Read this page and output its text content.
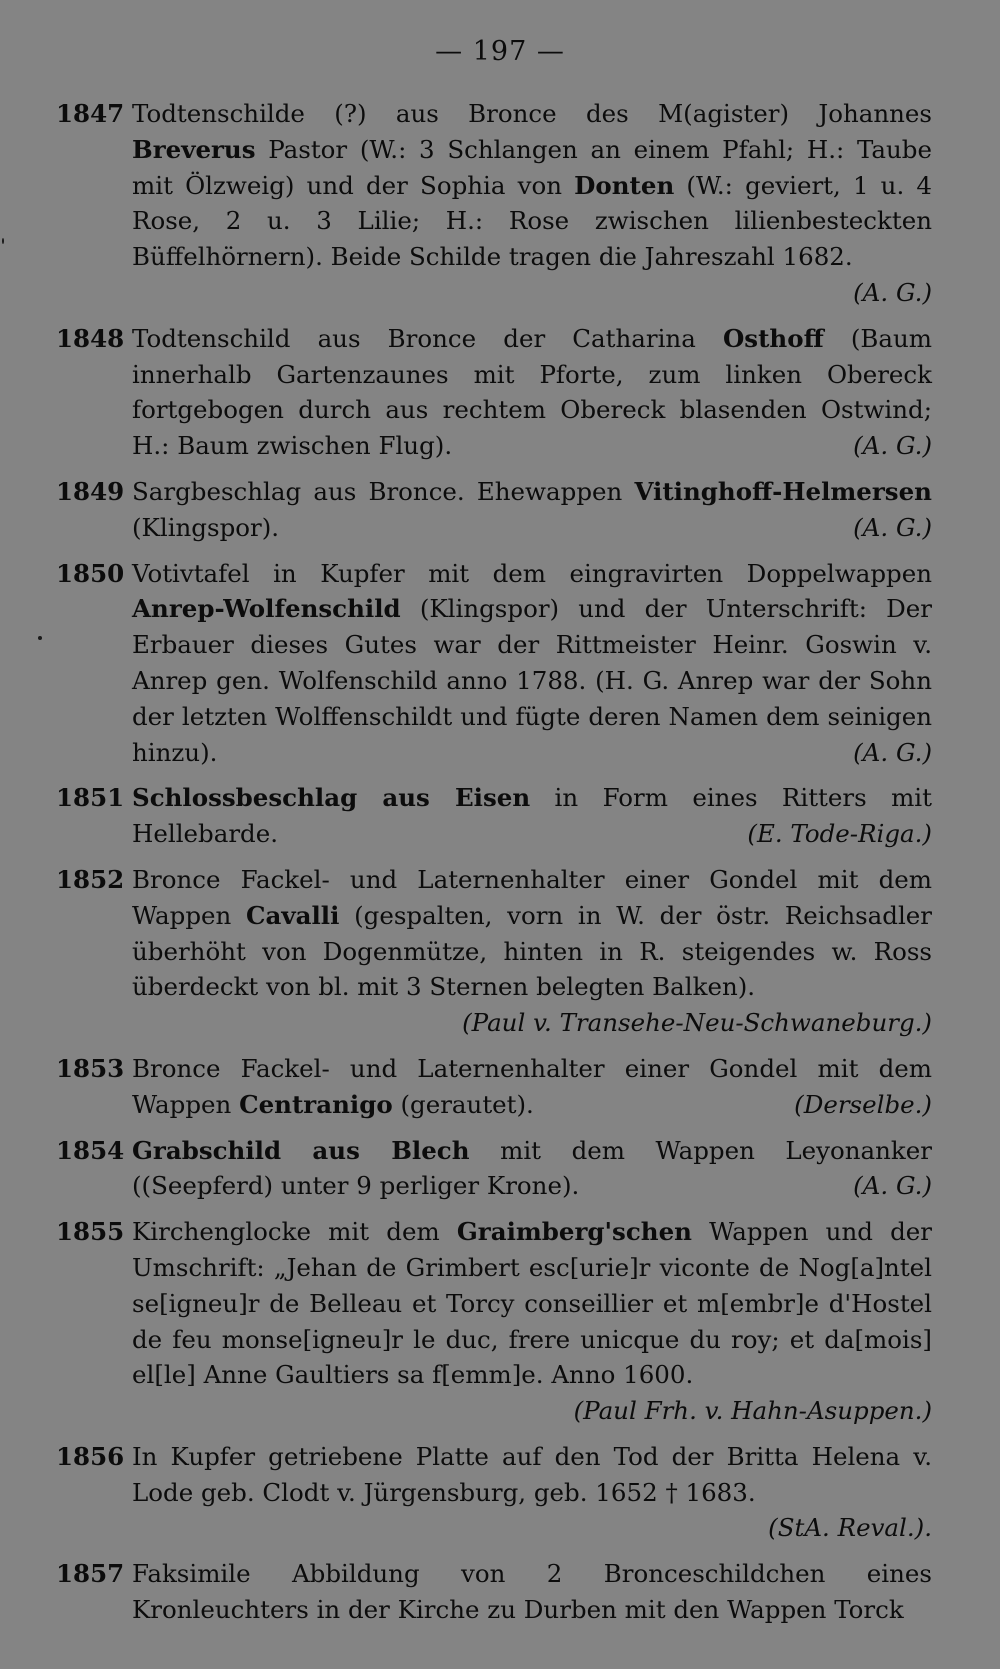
— 197 —
1847 Todtenschilde (?) aus Bronce des M(agister) Johannes Breverus Pastor (W.: 3 Schlangen an einem Pfahl; H.: Taube mit Ölzweig) und der Sophia von Donten (W.: geviert, 1 u. 4 Rose, 2 u. 3 Lilie; H.: Rose zwischen lilienbesteckten Büffelhörnern). Beide Schilde tragen die Jahreszahl 1682.
(A. G.)
1848 Todtenschild aus Bronce der Catharina Osthoff (Baum innerhalb Gartenzaunes mit Pforte, zum linken Obereck fortgebogen durch aus rechtem Obereck blasenden Ostwind; H.: Baum zwischen Flug).	(A. G.)
1849 Sargbeschlag aus Bronce. Ehewappen Vitinghoff-Helmersen (Klingspor).	(A. G.)
1850 Votivtafel in Kupfer mit dem eingravirten Doppelwappen Anrep-Wolfenschild (Klingspor) und der Unterschrift: Der Erbauer dieses Gutes war der Rittmeister Heinr. Goswin v. Anrep gen. Wolfenschild anno 1788. (H. G. Anrep war der Sohn der letzten Wolffenschildt und fügte deren Namen dem seinigen hinzu).	(A. G.)
1851 Schlossbeschlag aus Eisen in Form eines Ritters mit Hellebarde.	(E. Tode-Riga.)
1852 Bronce Fackel- und Laternenhalter einer Gondel mit dem Wappen Cavalli (gespalten, vorn in W. der östr. Reichsadler überhöht von Dogenmütze, hinten in R. steigendes w. Ross überdeckt von bl. mit 3 Sternen belegten Balken).
(Paul v. Transehe-Neu-Schwaneburg.)
1853 Bronce Fackel- und Laternenhalter einer Gondel mit dem Wappen Centranigo (gerautet).	(Derselbe.)
1854 Grabschild aus Blech mit dem Wappen Leyonanker ((Seepferd) unter 9 perliger Krone).	(A. G.)
1855 Kirchenglocke mit dem Graimberg'schen Wappen und der Umschrift: „Jehan de Grimbert esc[urie]r viconte de Nog[a]ntel se[igneu]r de Belleau et Torcy conseillier et m[embr]e d'Hostel de feu monse[igneu]r le duc, frere unicque du roy; et da[mois] el[le] Anne Gaultiers sa f[emm]e. Anno 1600.
(Paul Frh. v. Hahn-Asuppen.)
1856 In Kupfer getriebene Platte auf den Tod der Britta Helena v. Lode geb. Clodt v. Jürgensburg, geb. 1652 † 1683.
(StA. Reval.).
1857 Faksimile Abbildung von 2 Bronceschildchen eines Kronleuchters in der Kirche zu Durben mit den Wappen Torck
